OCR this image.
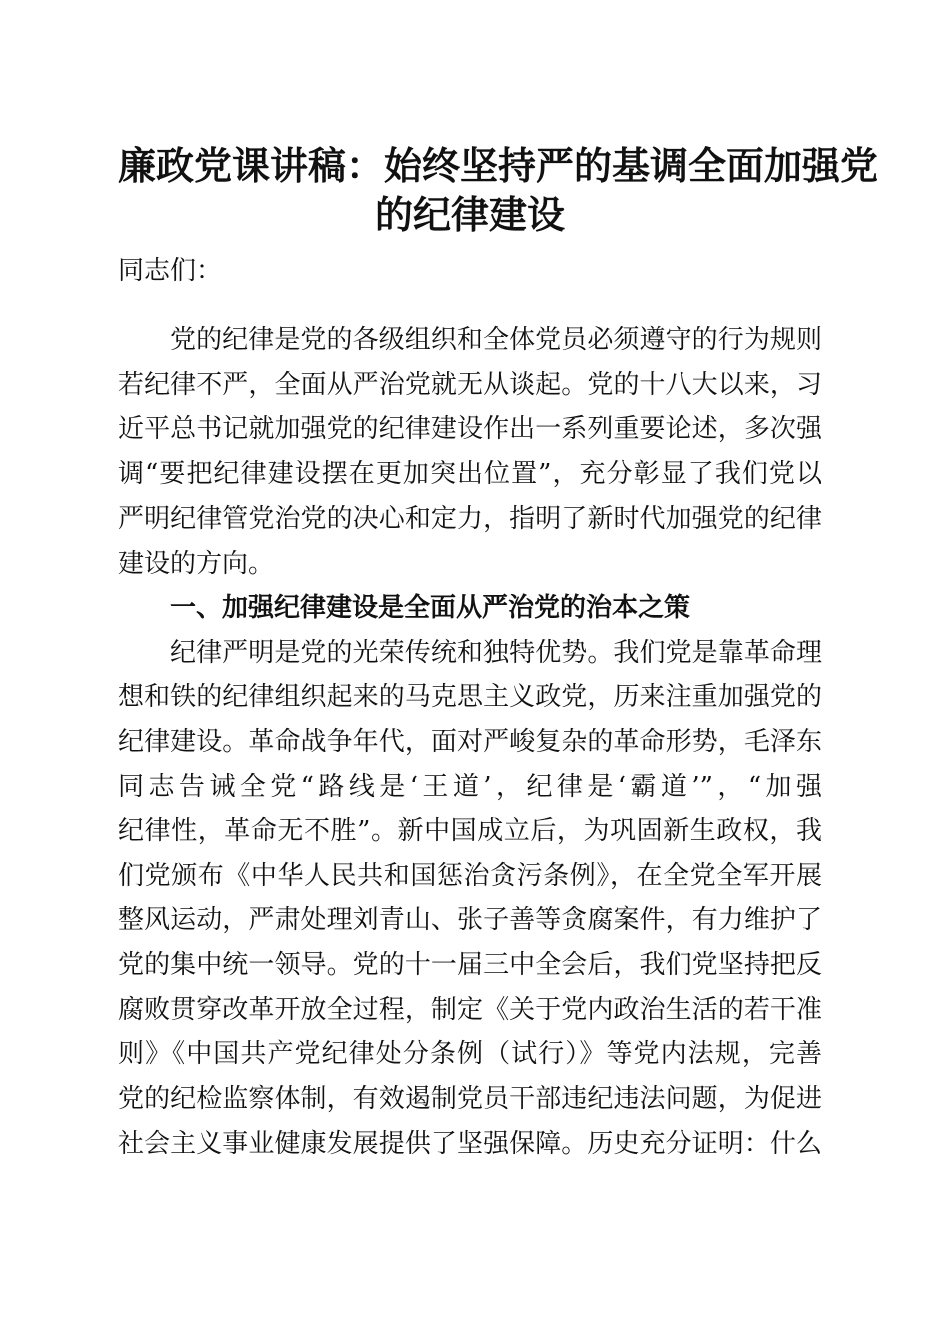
廉政党课讲稿：始终坚持严的基调全面加强党
的纪律建设
同志们：
党的纪律是党的各级组织和全体党员必须遵守的行为规则
若纪律不严，全面从严治党就无从谈起。党的十八大以来，习
近平总书记就加强党的纪律建设作出一系列重要论述，多次强
调“要把纪律建设摆在更加突出位置”，充分彰显了我们党以
严明纪律管党治党的决心和定力，指明了新时代加强党的纪律
建设的方向。
一、加强纪律建设是全面从严治党的治本之策
纪律严明是党的光荣传统和独特优势。我们党是靠革命理
想和铁的纪律组织起来的马克思主义政党，历来注重加强党的
纪律建设。革命战争年代，面对严峻复杂的革命形势，毛泽东
同志告诫全党“路线是‘王道’，纪律是‘霸道’”，“加强
纪律性，革命无不胜”。新中国成立后，为巩固新生政权，我
们党颁布《中华人民共和国惩治贪污条例》，在全党全军开展
整风运动，严肃处理刘青山、张子善等贪腐案件，有力维护了
党的集中统一领导。党的十一届三中全会后，我们党坚持把反
腐败贯穿改革开放全过程，制定《关于党内政治生活的若干准
则》《中国共产党纪律处分条例（试行）》等党内法规，完善
党的纪检监察体制，有效遏制党员干部违纪违法问题，为促进
社会主义事业健康发展提供了坚强保障。历史充分证明：什么
